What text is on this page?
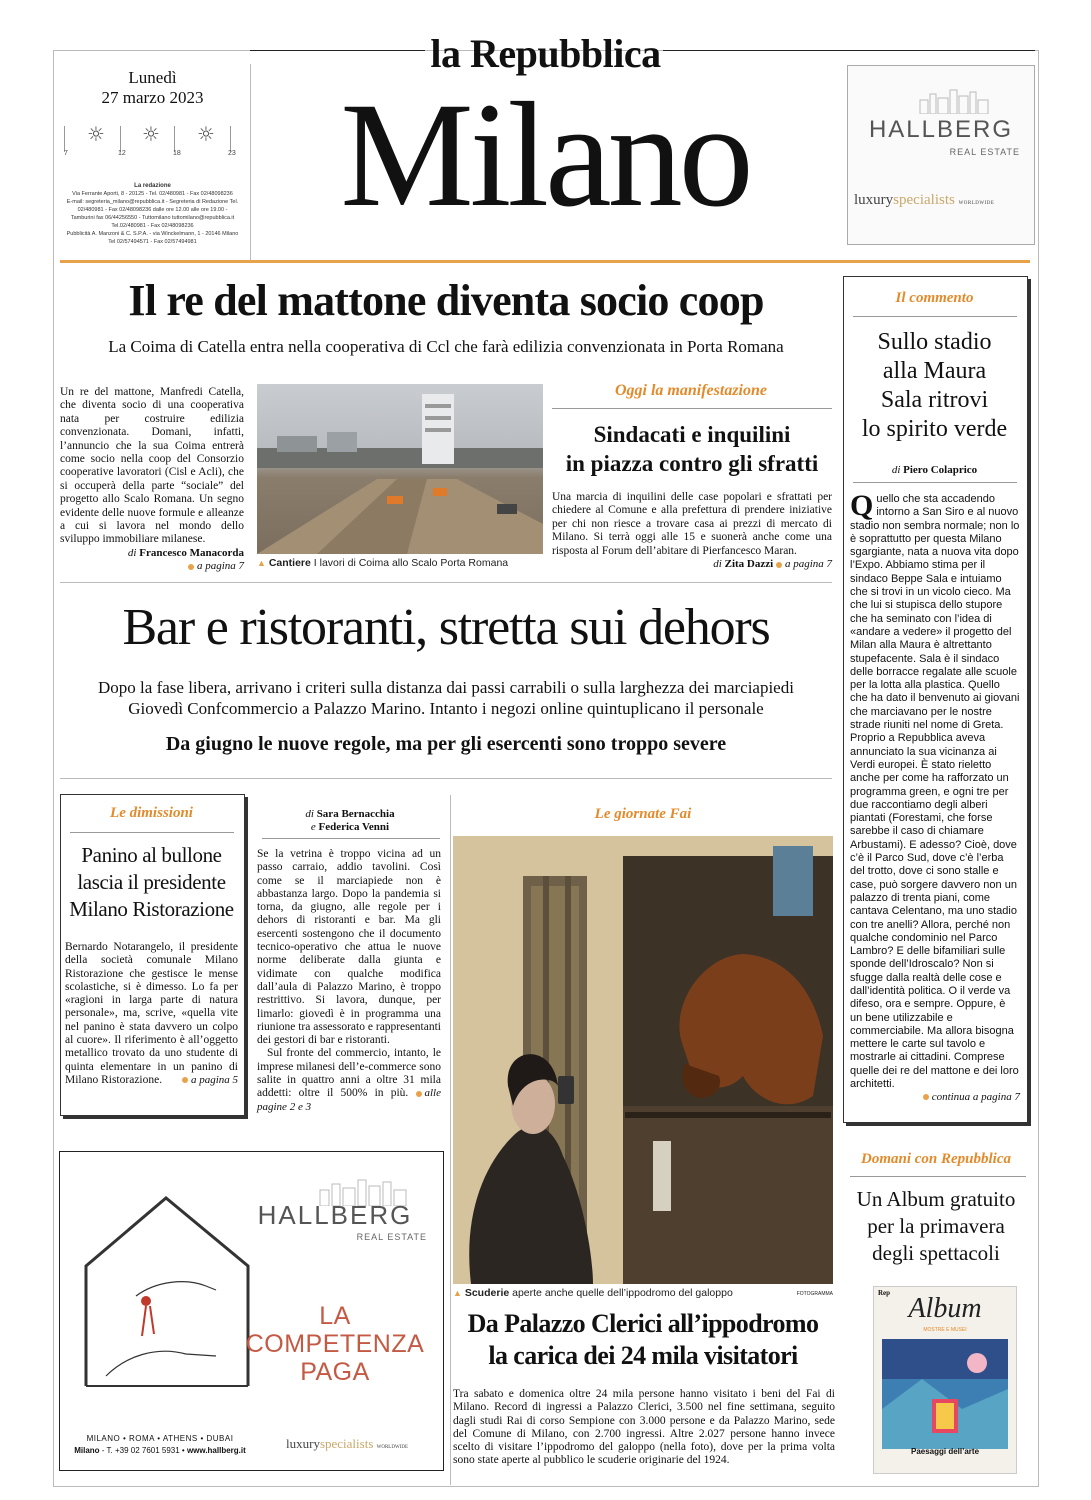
la Repubblica
Milano
Lunedì
27 marzo 2023
☼	☼	☼
7	12	18	23
La redazione
Via Ferrante Aporti, 8 - 20125 - Tel. 02/480981 - Fax 02/48098236
E-mail: segreteria_milano@repubblica.it - Segreteria di Redazione Tel.
02/480981 - Fax 02/48098236 dalle ore 12.00 alle ore 19.00 -
Tamburini fax 06/44256550 - Tuttomilano tuttomilano@repubblica.it
Tel.02/480981 - Fax 02/48098236
Pubblicità A. Manzoni & C. S.P.A. - via Winckelmann, 1 - 20146 Milano
Tel 02/57494571 - Fax 02/57494981
HALLBERG
REAL ESTATE
luxuryspecialists WORLDWIDE
Il re del mattone diventa socio coop
La Coima di Catella entra nella cooperativa di Ccl che farà edilizia convenzionata in Porta Romana
Un re del mattone, Manfredi Catella, che diventa socio di una cooperativa nata per costruire edilizia convenzionata. Domani, infatti, l’annuncio che la sua Coima entrerà come socio nella coop del Consorzio cooperative lavoratori (Cisl e Acli), che si occuperà della parte “sociale” del progetto allo Scalo Romana. Un segno evidente delle nuove formule e alleanze a cui si lavora nel mondo dello sviluppo immobiliare milanese.
di Francesco Manacorda
a pagina 7 ▲ Cantiere I lavori di Coima allo Scalo Porta Romana
Oggi la manifestazione
Sindacati e inquilini
in piazza contro gli sfratti
Una marcia di inquilini delle case popolari e sfrattati per chiedere al Comune e alla prefettura di prendere iniziative per chi non riesce a trovare casa ai prezzi di mercato di Milano. Si terrà oggi alle 15 e suonerà anche come una risposta al Forum dell’abitare di Pierfancesco Maran.
di Zita Dazzi a pagina 7
Il commento
Sullo stadio
alla Maura
Sala ritrovi
lo spirito verde
di Piero Colaprico
Quello che sta accadendo intorno a San Siro e al nuovo stadio non sembra normale; non lo è soprattutto per questa Milano sgargiante, nata a nuova vita dopo l’Expo. Abbiamo stima per il sindaco Beppe Sala e intuiamo che si trovi in un vicolo cieco. Ma che lui si stupisca dello stupore che ha seminato con l’idea di «andare a vedere» il progetto del Milan alla Maura è altrettanto stupefacente. Sala è il sindaco delle borracce regalate alle scuole per la lotta alla plastica. Quello che ha dato il benvenuto ai giovani che marciavano per le nostre strade riuniti nel nome di Greta. Proprio a Repubblica aveva annunciato la sua vicinanza ai Verdi europei. È stato rieletto anche per come ha rafforzato un programma green, e ogni tre per due raccontiamo degli alberi piantati (Forestami, che forse sarebbe il caso di chiamare Arbustami). E adesso? Cioè, dove c’è il Parco Sud, dove c’è l’erba del trotto, dove ci sono stalle e case, può sorgere davvero non un palazzo di trenta piani, come cantava Celentano, ma uno stadio con tre anelli? Allora, perché non qualche condominio nel Parco Lambro? E delle bifamiliari sulle sponde dell’Idroscalo? Non si sfugge dalla realtà delle cose e dall’identità politica. O il verde va difeso, ora e sempre. Oppure, è un bene utilizzabile e commerciabile. Ma allora bisogna mettere le carte sul tavolo e mostrarle ai cittadini. Comprese quelle dei re del mattone e dei loro architetti.
continua a pagina 7
Bar e ristoranti, stretta sui dehors
Dopo la fase libera, arrivano i criteri sulla distanza dai passi carrabili o sulla larghezza dei marciapiedi
Giovedì Confcommercio a Palazzo Marino. Intanto i negozi online quintuplicano il personale
Da giugno le nuove regole, ma per gli esercenti sono troppo severe
Le dimissioni
Panino al bullone
lascia il presidente
Milano Ristorazione
Bernardo Notarangelo, il presidente della società comunale Milano Ristorazione che gestisce le mense scolastiche, si è dimesso. Lo fa per «ragioni in larga parte di natura personale», ma, scrive, «quella vite nel panino è stata davvero un colpo al cuore». Il riferimento è all’oggetto metallico trovato da uno studente di quinta elementare in un panino di Milano Ristorazione.	a pagina 5
di Sara Bernacchia
e Federica Venni
Se la vetrina è troppo vicina ad un passo carraio, addio tavolini. Così come se il marciapiede non è abbastanza largo. Dopo la pandemia si torna, da giugno, alle regole per i dehors di ristoranti e bar. Ma gli esercenti sostengono che il documento tecnico-operativo che attua le nuove norme deliberate dalla giunta e vidimate con qualche modifica dall’aula di Palazzo Marino, è troppo restrittivo. Si lavora, dunque, per limarlo: giovedì è in programma una riunione tra assessorato e rappresentanti dei gestori di bar e ristoranti.
Sul fronte del commercio, intanto, le imprese milanesi dell’e-commerce sono salite in quattro anni a oltre 31 mila addetti: oltre il 500% in più. alle pagine 2 e 3
Le giornate Fai
▲ Scuderie aperte anche quelle dell’ippodromo del galoppo	FOTOGRAMMA
Da Palazzo Clerici all’ippodromo
la carica dei 24 mila visitatori
Tra sabato e domenica oltre 24 mila persone hanno visitato i beni del Fai di Milano. Record di ingressi a Palazzo Clerici, 3.500 nel fine settimana, seguito dagli studi Rai di corso Sempione con 3.000 persone e da Palazzo Marino, sede del Comune di Milano, con 2.700 ingressi. Altre 2.027 persone hanno invece scelto di visitare l’ippodromo del galoppo (nella foto), dove per la prima volta sono state aperte al pubblico le scuderie originarie del 1924.
HALLBERG
REAL ESTATE
LA
COMPETENZA
PAGA
MILANO • ROMA • ATHENS • DUBAI
Milano - T. +39 02 7601 5931 • www.hallberg.it	luxuryspecialists WORLDWIDE
Domani con Repubblica
Un Album gratuito
per la primavera
degli spettacoli
Rep Album
MOSTRE E MUSEI
Paesaggi dell’arte
